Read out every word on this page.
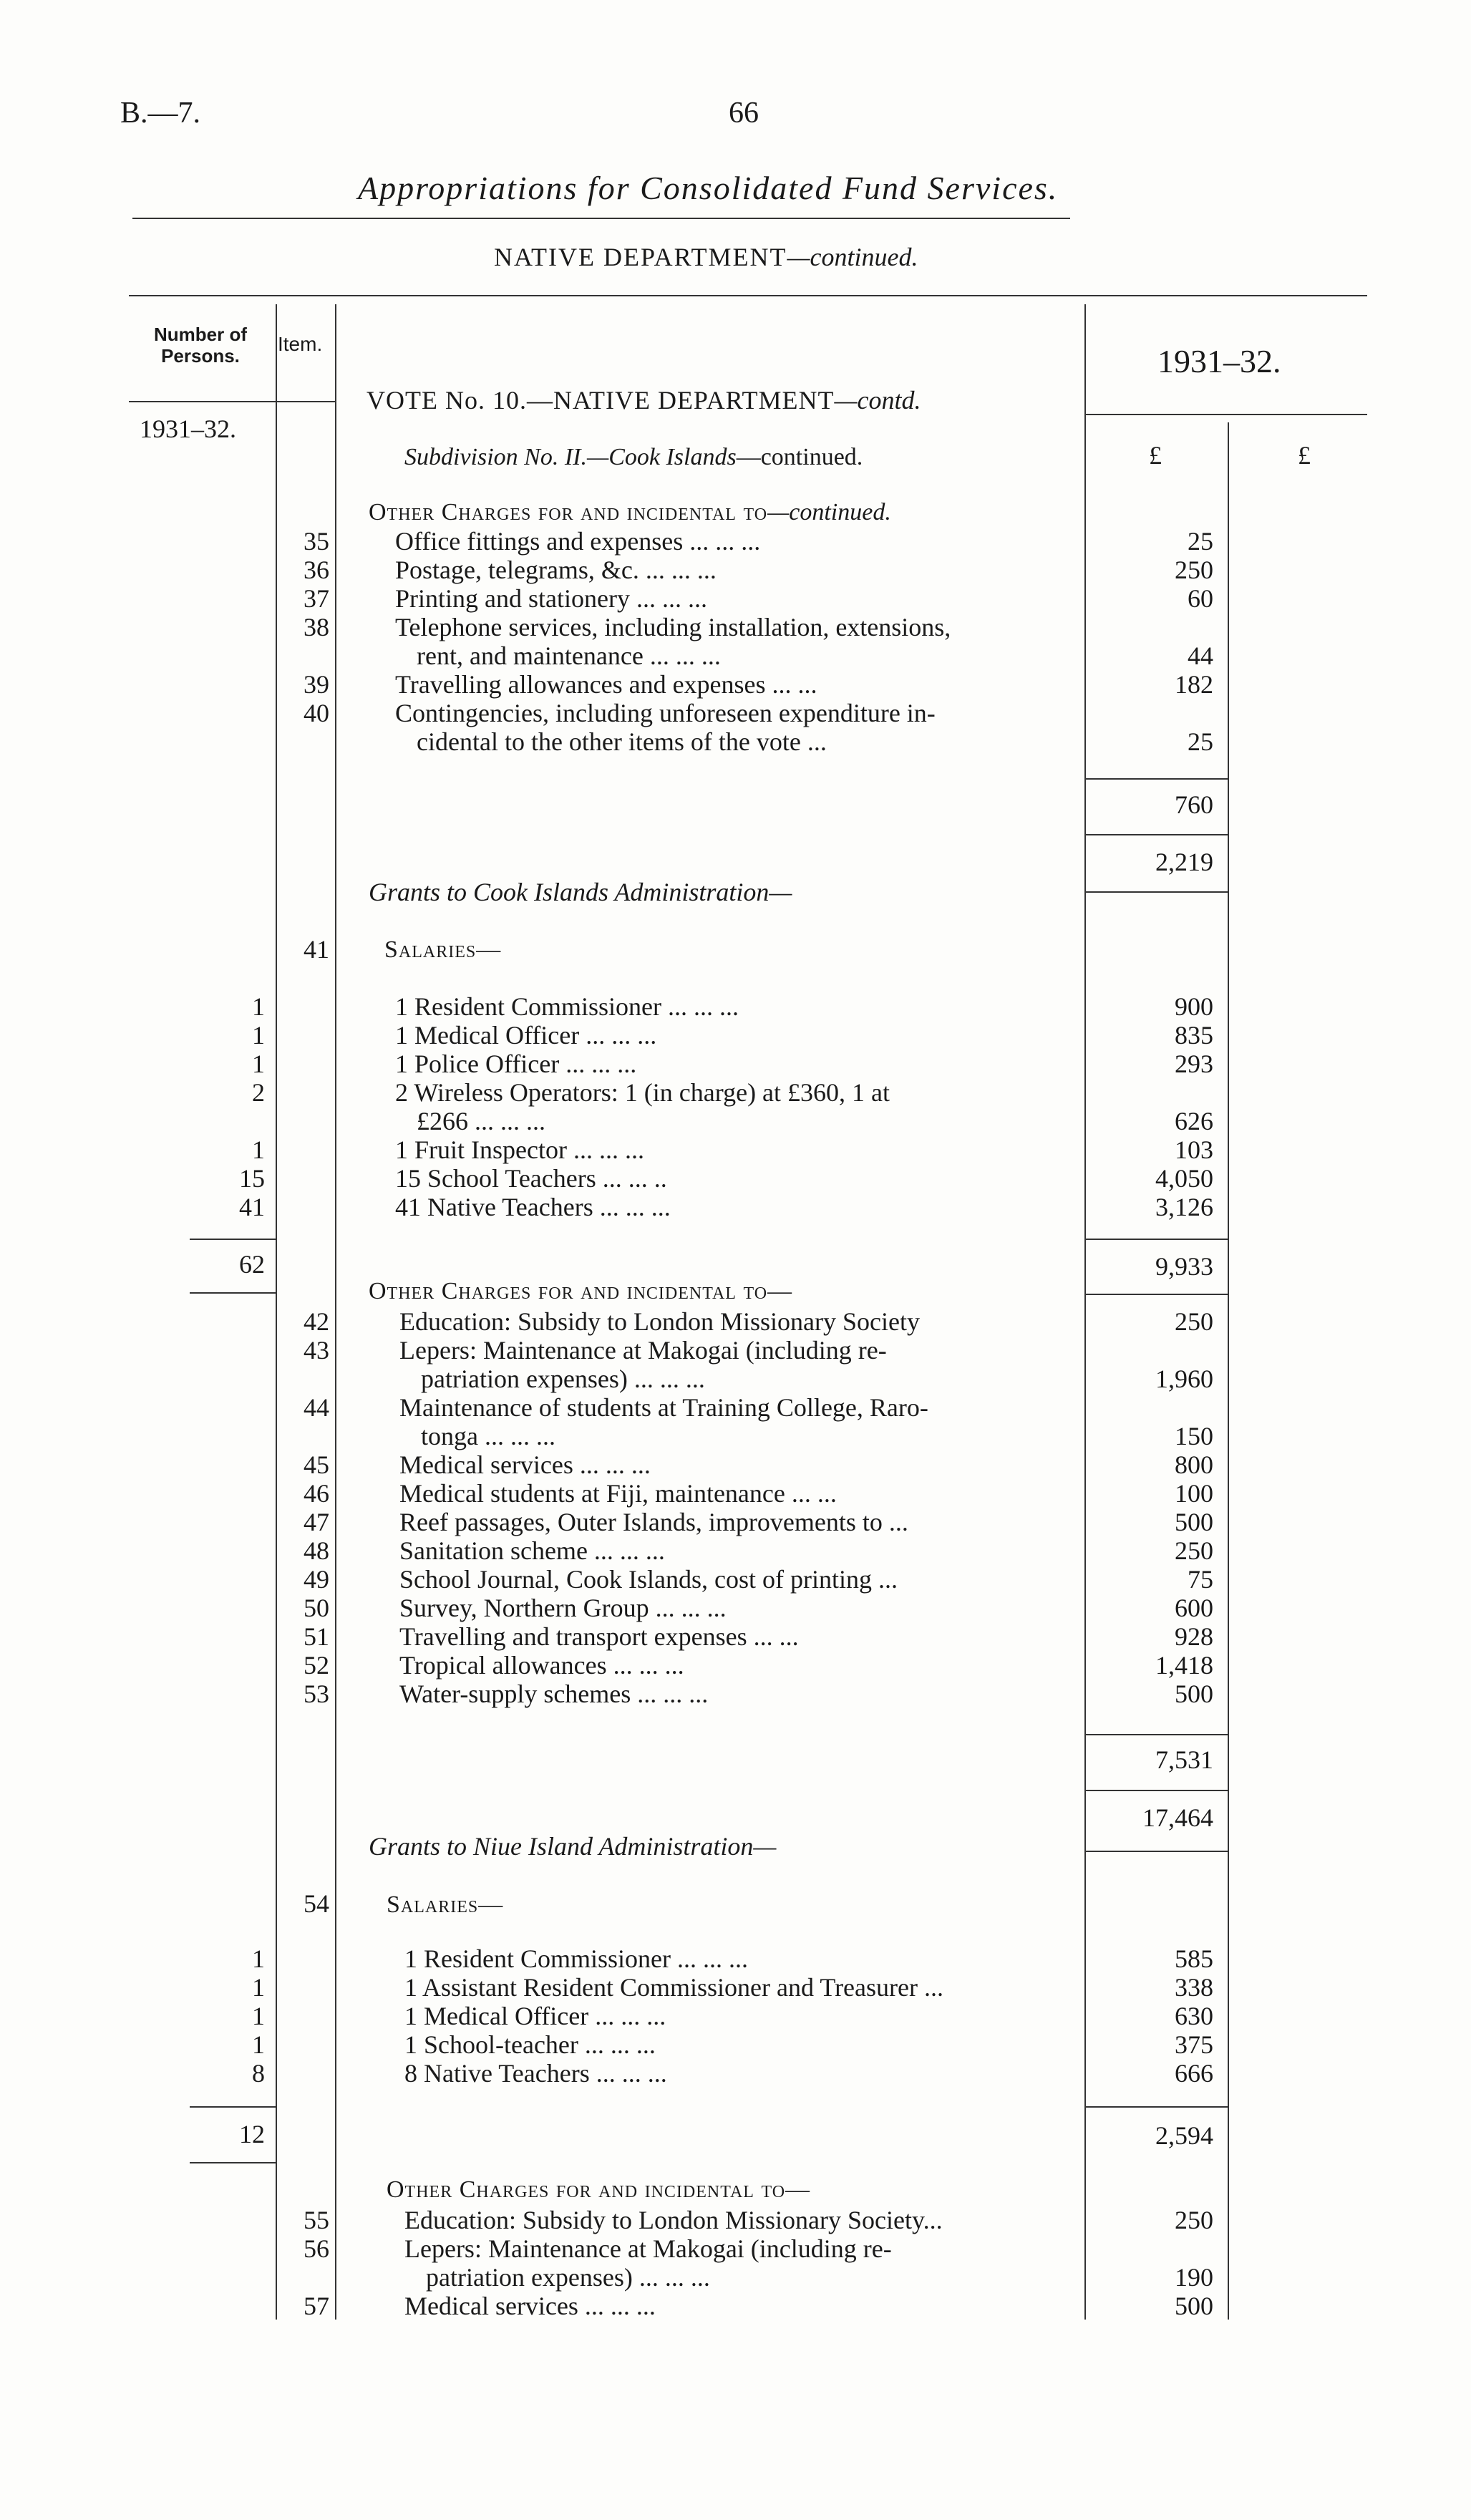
B.—7.	66
Appropriations for Consolidated Fund Services.
NATIVE DEPARTMENT—continued.
Number of Persons.
Item.	1931–32.
1931–32.
£	£
VOTE No. 10.—NATIVE DEPARTMENT—contd.
Subdivision No. II.—Cook Islands—continued.
Other Charges for and incidental to—continued.
35	Office fittings and expenses ... ... ...	25
36	Postage, telegrams, &c. ... ... ...	250
37	Printing and stationery ... ... ...	60
38	Telephone services, including installation, extensions,
rent, and maintenance ... ... ...	44
39	Travelling allowances and expenses ... ...	182
40	Contingencies, including unforeseen expenditure in-
cidental to the other items of the vote ...	25
760
2,219
Grants to Cook Islands Administration—
41 Salaries—
1	1 Resident Commissioner ... ... ...	900
1	1 Medical Officer ... ... ...	835
1	1 Police Officer ... ... ...	293
2	2 Wireless Operators: 1 (in charge) at £360, 1 at
£266 ... ... ...	626
1	1 Fruit Inspector ... ... ...	103
15	15 School Teachers ... ... ..	4,050
41	41 Native Teachers ... ... ...	3,126
62	9,933
Other Charges for and incidental to—
42	Education: Subsidy to London Missionary Society	250
43	Lepers: Maintenance at Makogai (including re-
patriation expenses) ... ... ...	1,960
44	Maintenance of students at Training College, Raro-
tonga ... ... ...	150
45	Medical services ... ... ...	800
46	Medical students at Fiji, maintenance ... ...	100
47	Reef passages, Outer Islands, improvements to ...	500
48	Sanitation scheme ... ... ...	250
49	School Journal, Cook Islands, cost of printing ...	75
50	Survey, Northern Group ... ... ...	600
51	Travelling and transport expenses ... ...	928
52	Tropical allowances ... ... ...	1,418
53	Water-supply schemes ... ... ...	500
7,531
17,464
Grants to Niue Island Administration—
54 Salaries—
1	1 Resident Commissioner ... ... ...	585
1	1 Assistant Resident Commissioner and Treasurer ...	338
1	1 Medical Officer ... ... ...	630
1	1 School-teacher ... ... ...	375
8	8 Native Teachers ... ... ...	666
12	2,594
Other Charges for and incidental to—
55	Education: Subsidy to London Missionary Society...	250
56	Lepers: Maintenance at Makogai (including re-
patriation expenses) ... ... ...	190
57	Medical services ... ... ...	500
